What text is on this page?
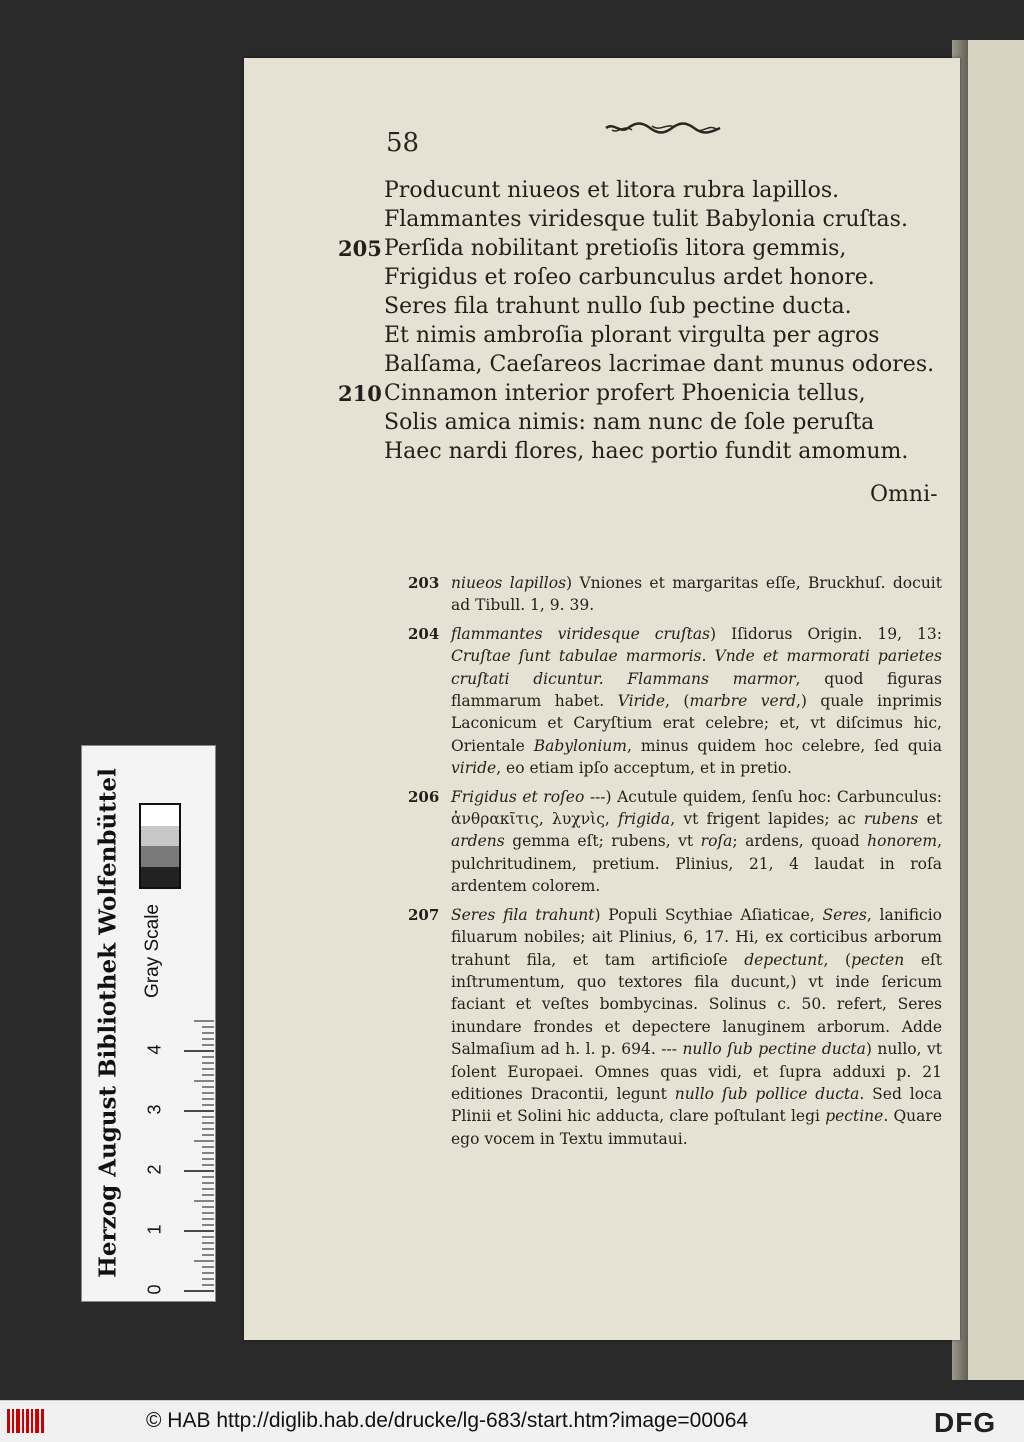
58
Producunt niueos et litora rubra lapillos.
Flammantes viridesque tulit Babylonia cruſtas.
205 Perſida nobilitant pretioſis litora gemmis,
Frigidus et roſeo carbunculus ardet honore.
Seres fila trahunt nullo ſub pectine ducta.
Et nimis ambroſia plorant virgulta per agros
Balſama, Caeſareos lacrimae dant munus odores.
210 Cinnamon interior profert Phoenicia tellus,
Solis amica nimis: nam nunc de ſole peruſta
Haec nardi flores, haec portio fundit amomum.
Omni-
203 niueos lapillos) Vniones et margaritas eſſe, Bruckhuſ. docuit ad Tibull. 1, 9. 39.
204 flammantes viridesque cruſtas) Iſidorus Origin. 19, 13: Cruſtae ſunt tabulae marmoris. Vnde et marmorati parietes cruſtati dicuntur. Flammans marmor, quod figuras flammarum habet. Viride, (marbre verd,) quale inprimis Laconicum et Caryſtium erat celebre; et, vt diſcimus hic, Orientale Babylonium, minus quidem hoc celebre, ſed quia viride, eo etiam ipſo acceptum, et in pretio.
206 Frigidus et roſeo ---) Acutule quidem, ſenſu hoc: Carbunculus: ἀνθρακῖτις, λυχνὶς, frigida, vt frigent lapides; ac rubens et ardens gemma eſt; rubens, vt roſa; ardens, quoad honorem, pulchritudinem, pretium. Plinius, 21, 4 laudat in roſa ardentem colorem.
207 Seres fila trahunt) Populi Scythiae Aſiaticae, Seres, lanificio filuarum nobiles; ait Plinius, 6, 17. Hi, ex corticibus arborum trahunt fila, et tam artificioſe depectunt, (pecten eſt inſtrumentum, quo textores fila ducunt,) vt inde ſericum faciant et veſtes bombycinas. Solinus c. 50. refert, Seres inundare frondes et depectere lanuginem arborum. Adde Salmaſium ad h. l. p. 694. --- nullo ſub pectine ducta) nullo, vt ſolent Europaei. Omnes quas vidi, et ſupra adduxi p. 21 editiones Dracontii, legunt nullo ſub pollice ducta. Sed loca Plinii et Solini hic adducta, clare poſtulant legi pectine. Quare ego vocem in Textu immutaui.
Herzog August Bibliothek Wolfenbüttel Gray Scale
0
1
2
3
4
© HAB http://diglib.hab.de/drucke/lg-683/start.htm?image=00064	DFG
